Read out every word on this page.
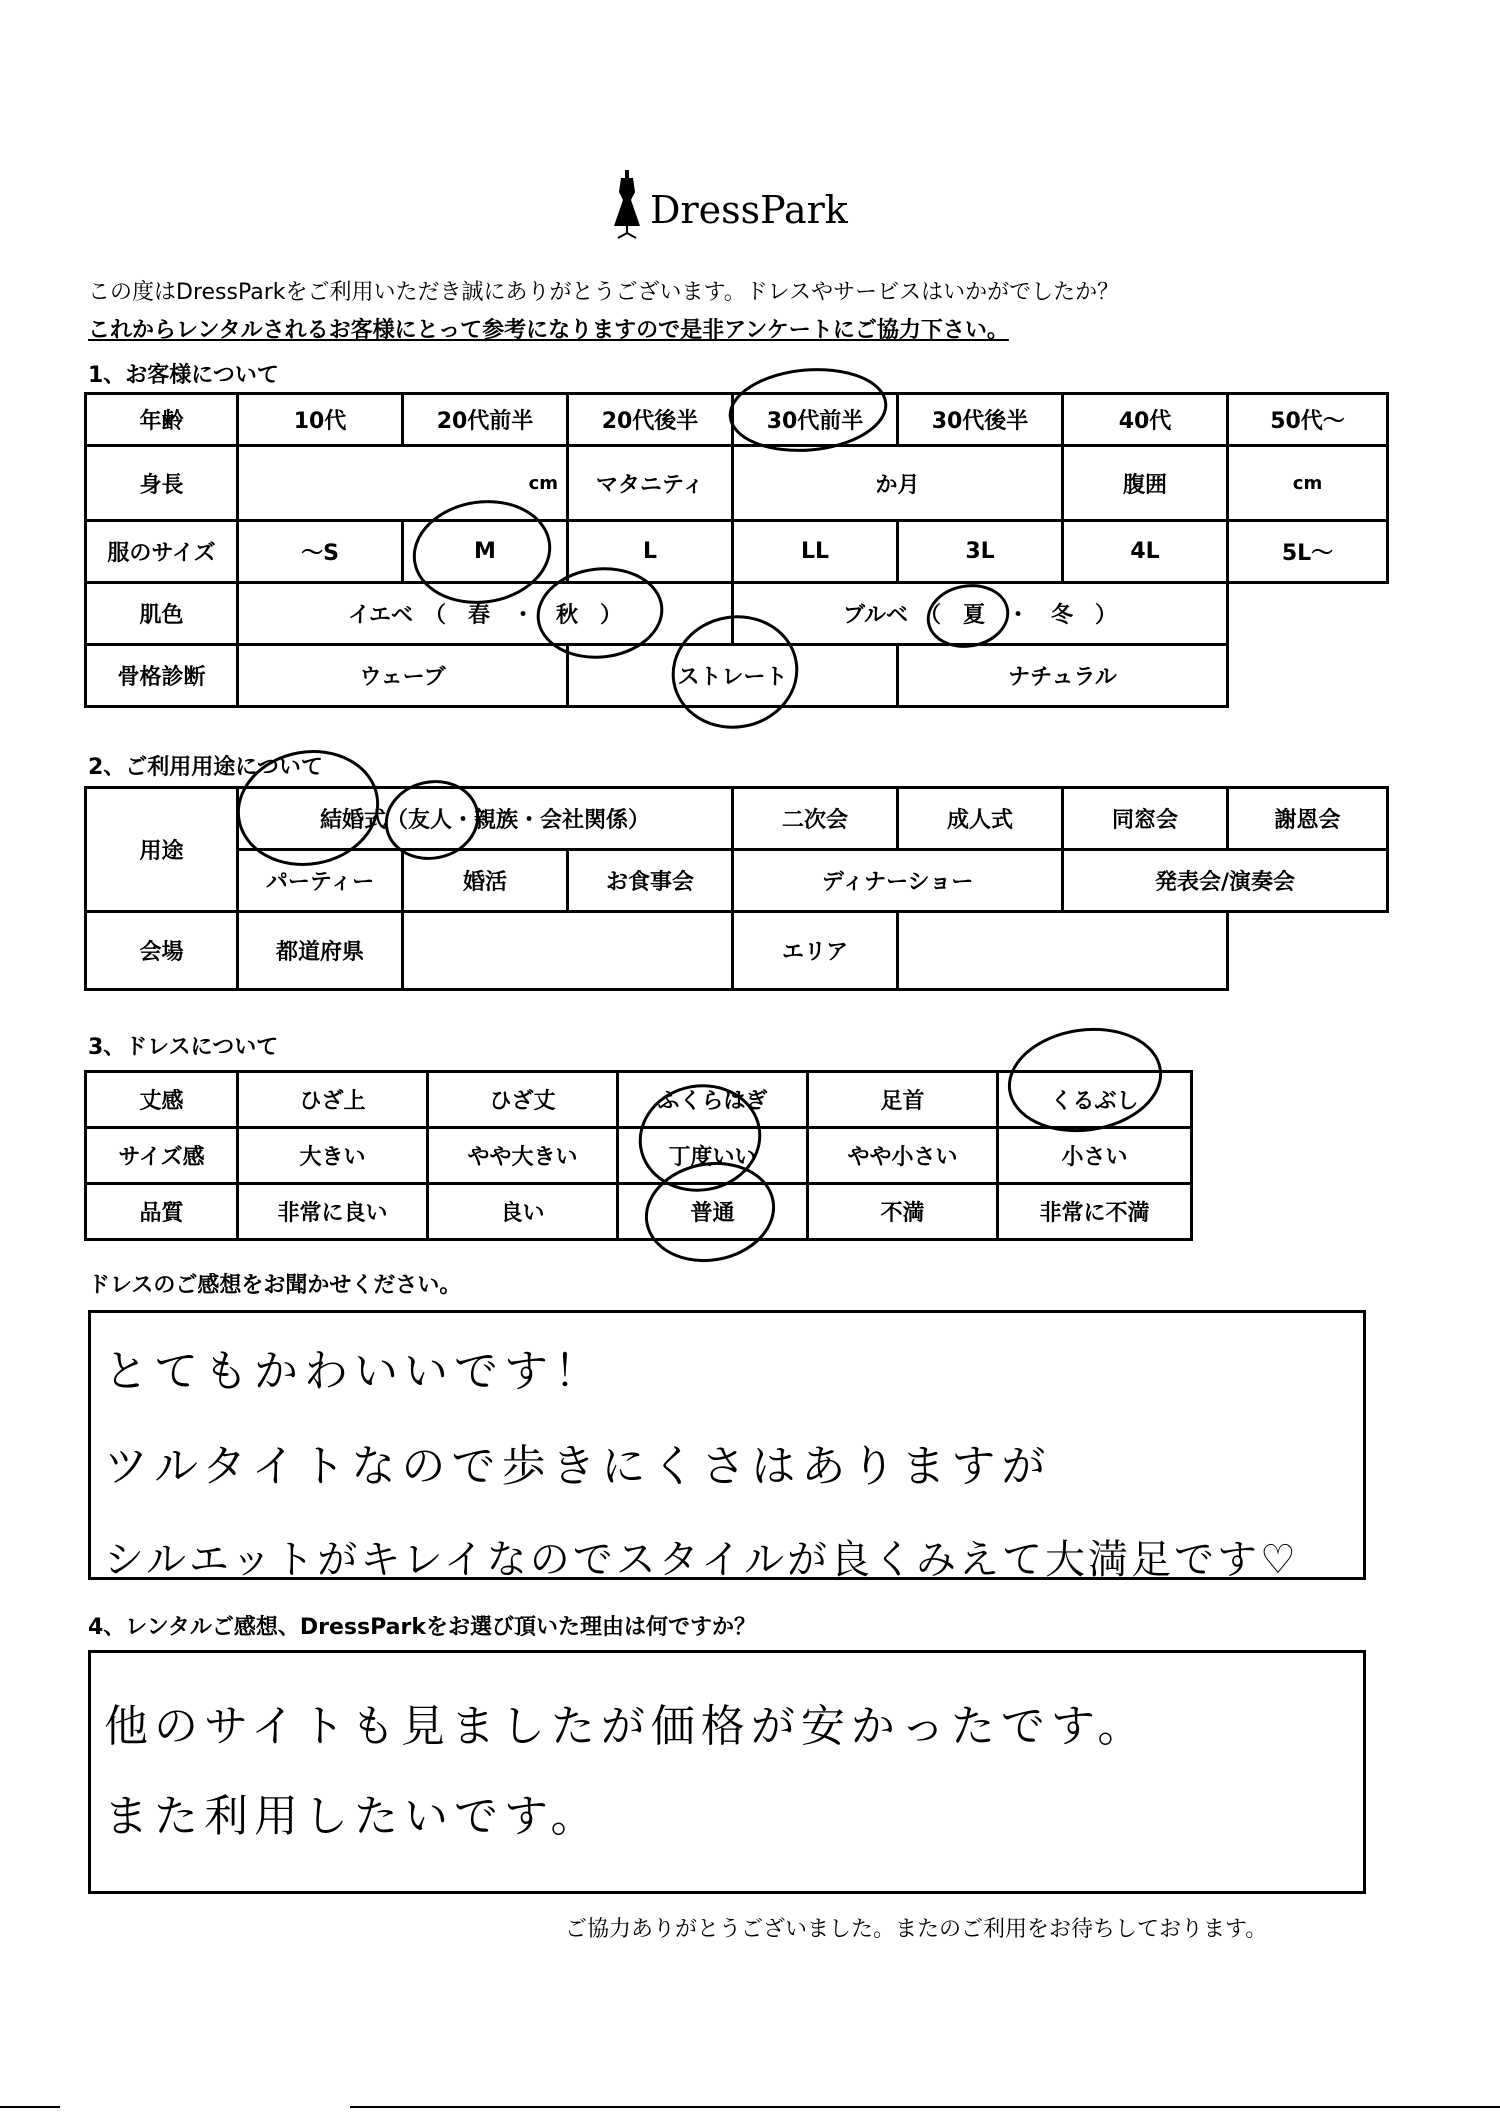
DressPark
この度はDressParkをご利用いただき誠にありがとうございます。ドレスやサービスはいかがでしたか？
これからレンタルされるお客様にとって参考になりますので是非アンケートにご協力下さい。
1、お客様について
年齢	10代	20代前半	20代後半	30代前半	30代後半	40代	50代～
身長	cm		マタニティ	か月		腹囲	cm
服のサイズ	～S	M	L	LL	3L	4L	5L～
肌色	イエベ　（　春　・　秋　）			ブルベ　（　夏　・　冬　）			
骨格診断	ウェーブ		ストレート		ナチュラル		
2、ご利用用途について
用途	結婚式（友人・親族・会社関係）			二次会	成人式	同窓会	謝恩会
	パーティー	婚活	お食事会	ディナーショー		発表会/演奏会	
会場	都道府県			エリア			
3、ドレスについて
丈感	ひざ上	ひざ丈	ふくらはぎ	足首	くるぶし
サイズ感	大きい	やや大きい	丁度いい	やや小さい	小さい
品質	非常に良い	良い	普通	不満	非常に不満
ドレスのご感想をお聞かせください。
とてもかわいいです！
ツルタイトなので歩きにくさはありますが
シルエットがキレイなのでスタイルが良くみえて大満足です♡
4、レンタルご感想、DressParkをお選び頂いた理由は何ですか？
他のサイトも見ましたが価格が安かったです。
また利用したいです。
ご協力ありがとうございました。またのご利用をお待ちしております。
